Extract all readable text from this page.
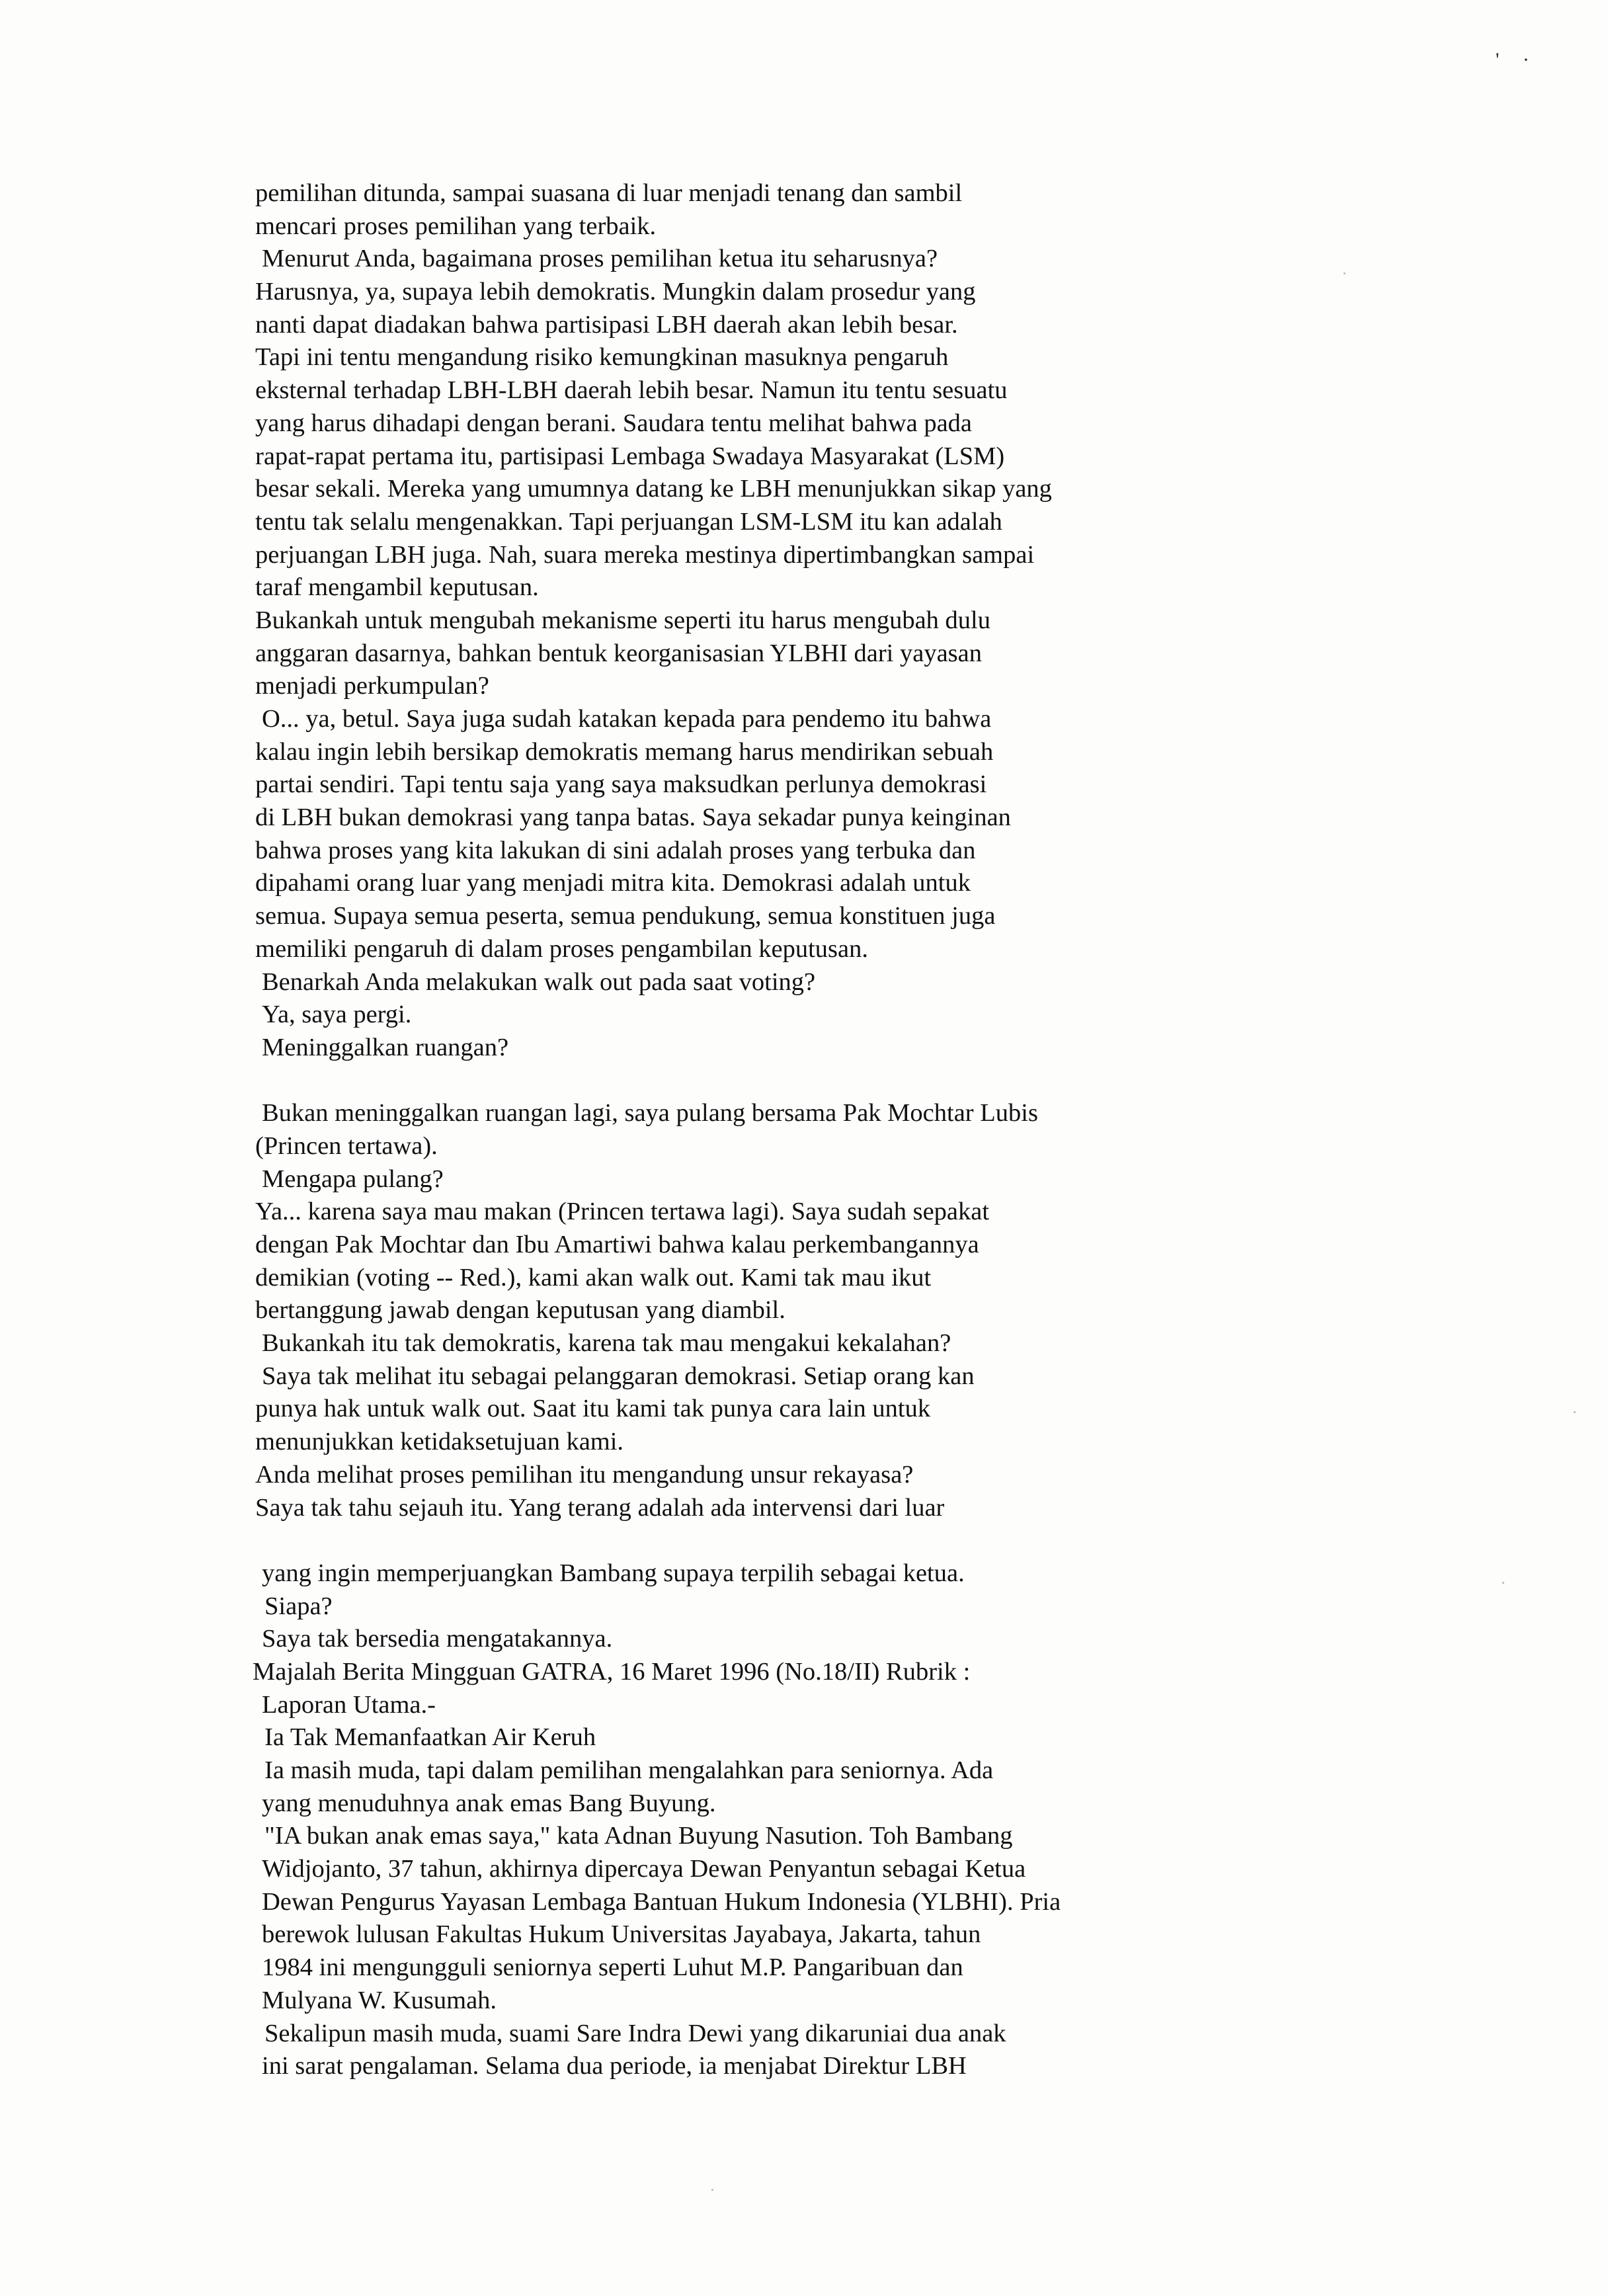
' ·
pemilihan ditunda, sampai suasana di luar menjadi tenang dan sambil
mencari proses pemilihan yang terbaik.
Menurut Anda, bagaimana proses pemilihan ketua itu seharusnya?
Harusnya, ya, supaya lebih demokratis. Mungkin dalam prosedur yang
nanti dapat diadakan bahwa partisipasi LBH daerah akan lebih besar.
Tapi ini tentu mengandung risiko kemungkinan masuknya pengaruh
eksternal terhadap LBH-LBH daerah lebih besar. Namun itu tentu sesuatu
yang harus dihadapi dengan berani. Saudara tentu melihat bahwa pada
rapat-rapat pertama itu, partisipasi Lembaga Swadaya Masyarakat (LSM)
besar sekali. Mereka yang umumnya datang ke LBH menunjukkan sikap yang
tentu tak selalu mengenakkan. Tapi perjuangan LSM-LSM itu kan adalah
perjuangan LBH juga. Nah, suara mereka mestinya dipertimbangkan sampai
taraf mengambil keputusan.
Bukankah untuk mengubah mekanisme seperti itu harus mengubah dulu
anggaran dasarnya, bahkan bentuk keorganisasian YLBHI dari yayasan
menjadi perkumpulan?
O... ya, betul. Saya juga sudah katakan kepada para pendemo itu bahwa
kalau ingin lebih bersikap demokratis memang harus mendirikan sebuah
partai sendiri. Tapi tentu saja yang saya maksudkan perlunya demokrasi
di LBH bukan demokrasi yang tanpa batas. Saya sekadar punya keinginan
bahwa proses yang kita lakukan di sini adalah proses yang terbuka dan
dipahami orang luar yang menjadi mitra kita. Demokrasi adalah untuk
semua. Supaya semua peserta, semua pendukung, semua konstituen juga
memiliki pengaruh di dalam proses pengambilan keputusan.
Benarkah Anda melakukan walk out pada saat voting?
Ya, saya pergi.
Meninggalkan ruangan?
Bukan meninggalkan ruangan lagi, saya pulang bersama Pak Mochtar Lubis
(Princen tertawa).
Mengapa pulang?
Ya... karena saya mau makan (Princen tertawa lagi). Saya sudah sepakat
dengan Pak Mochtar dan Ibu Amartiwi bahwa kalau perkembangannya
demikian (voting -- Red.), kami akan walk out. Kami tak mau ikut
bertanggung jawab dengan keputusan yang diambil.
Bukankah itu tak demokratis, karena tak mau mengakui kekalahan?
Saya tak melihat itu sebagai pelanggaran demokrasi. Setiap orang kan
punya hak untuk walk out. Saat itu kami tak punya cara lain untuk
menunjukkan ketidaksetujuan kami.
Anda melihat proses pemilihan itu mengandung unsur rekayasa?
Saya tak tahu sejauh itu. Yang terang adalah ada intervensi dari luar
yang ingin memperjuangkan Bambang supaya terpilih sebagai ketua.
Siapa?
Saya tak bersedia mengatakannya.
Majalah Berita Mingguan GATRA, 16 Maret 1996 (No.18/II) Rubrik :
Laporan Utama.-
Ia Tak Memanfaatkan Air Keruh
Ia masih muda, tapi dalam pemilihan mengalahkan para seniornya. Ada
yang menuduhnya anak emas Bang Buyung.
"IA bukan anak emas saya," kata Adnan Buyung Nasution. Toh Bambang
Widjojanto, 37 tahun, akhirnya dipercaya Dewan Penyantun sebagai Ketua
Dewan Pengurus Yayasan Lembaga Bantuan Hukum Indonesia (YLBHI). Pria
berewok lulusan Fakultas Hukum Universitas Jayabaya, Jakarta, tahun
1984 ini mengungguli seniornya seperti Luhut M.P. Pangaribuan dan
Mulyana W. Kusumah.
Sekalipun masih muda, suami Sare Indra Dewi yang dikaruniai dua anak
ini sarat pengalaman. Selama dua periode, ia menjabat Direktur LBH
